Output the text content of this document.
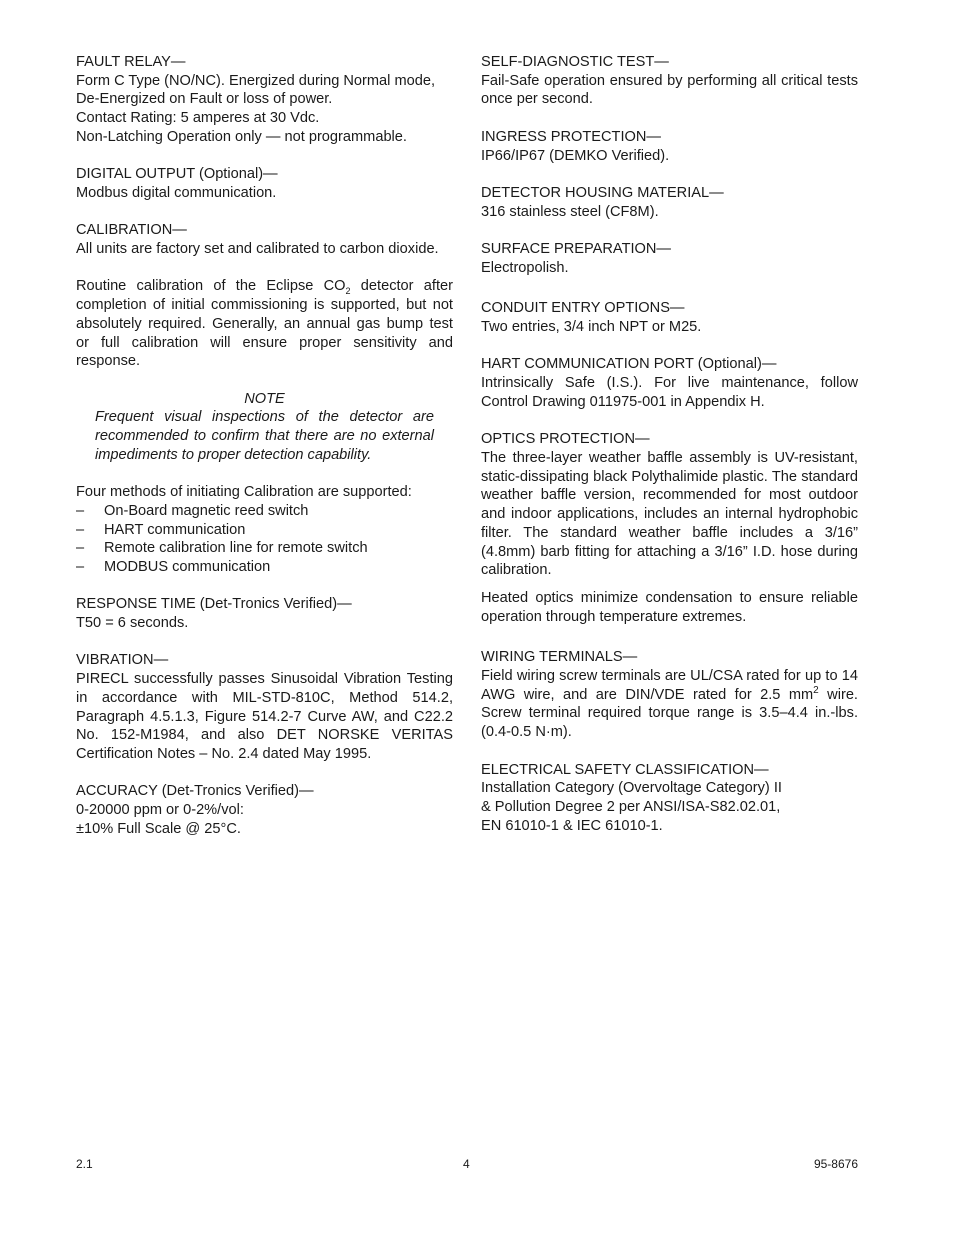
FAULT RELAY—
Form C Type (NO/NC). Energized during Normal mode,
De-Energized on Fault or loss of power.
Contact Rating: 5 amperes at 30 Vdc.
Non-Latching Operation only — not programmable.
DIGITAL OUTPUT (Optional)—
Modbus digital communication.
CALIBRATION—
All units are factory set and calibrated to carbon dioxide.
Routine calibration of the Eclipse $CO_2$ detector after completion of initial commissioning is supported, but not absolutely required. Generally, an annual gas bump test or full calibration will ensure proper sensitivity and response.
NOTE
Frequent visual inspections of the detector are recommended to confirm that there are no external impediments to proper detection capability.
Four methods of initiating Calibration are supported:
– On-Board magnetic reed switch
– HART communication
– Remote calibration line for remote switch
– MODBUS communication
RESPONSE TIME (Det-Tronics Verified)—
T50 = 6 seconds.
VIBRATION—
PIRECL successfully passes Sinusoidal Vibration Testing in accordance with MIL-STD-810C, Method 514.2, Paragraph 4.5.1.3, Figure 514.2-7 Curve AW, and C22.2 No. 152-M1984, and also DET NORSKE VERITAS Certification Notes – No. 2.4 dated May 1995.
ACCURACY (Det-Tronics Verified)—
0-20000 ppm or 0-2%/vol:
±10% Full Scale @ 25°C.
SELF-DIAGNOSTIC TEST—
Fail-Safe operation ensured by performing all critical tests once per second.
INGRESS PROTECTION—
IP66/IP67 (DEMKO Verified).
DETECTOR HOUSING MATERIAL—
316 stainless steel (CF8M).
SURFACE PREPARATION—
Electropolish.
CONDUIT ENTRY OPTIONS—
Two entries, 3/4 inch NPT or M25.
HART COMMUNICATION PORT (Optional)—
Intrinsically Safe (I.S.). For live maintenance, follow Control Drawing 011975-001 in Appendix H.
OPTICS PROTECTION—
The three-layer weather baffle assembly is UV-resistant, static-dissipating black Polythalimide plastic. The standard weather baffle version, recommended for most outdoor and indoor applications, includes an internal hydrophobic filter. The standard weather baffle includes a 3/16” (4.8mm) barb fitting for attaching a 3/16” I.D. hose during calibration.
Heated optics minimize condensation to ensure reliable operation through temperature extremes.
WIRING TERMINALS—
Field wiring screw terminals are UL/CSA rated for up to 14 AWG wire, and are DIN/VDE rated for 2.5 $mm^2$ wire. Screw terminal required torque range is 3.5–4.4 in.-lbs. (0.4-0.5 N·m).
ELECTRICAL SAFETY CLASSIFICATION—
Installation Category (Overvoltage Category) II
& Pollution Degree 2 per ANSI/ISA-S82.02.01,
EN 61010-1 & IEC 61010-1.
2.1	4	95-8676
